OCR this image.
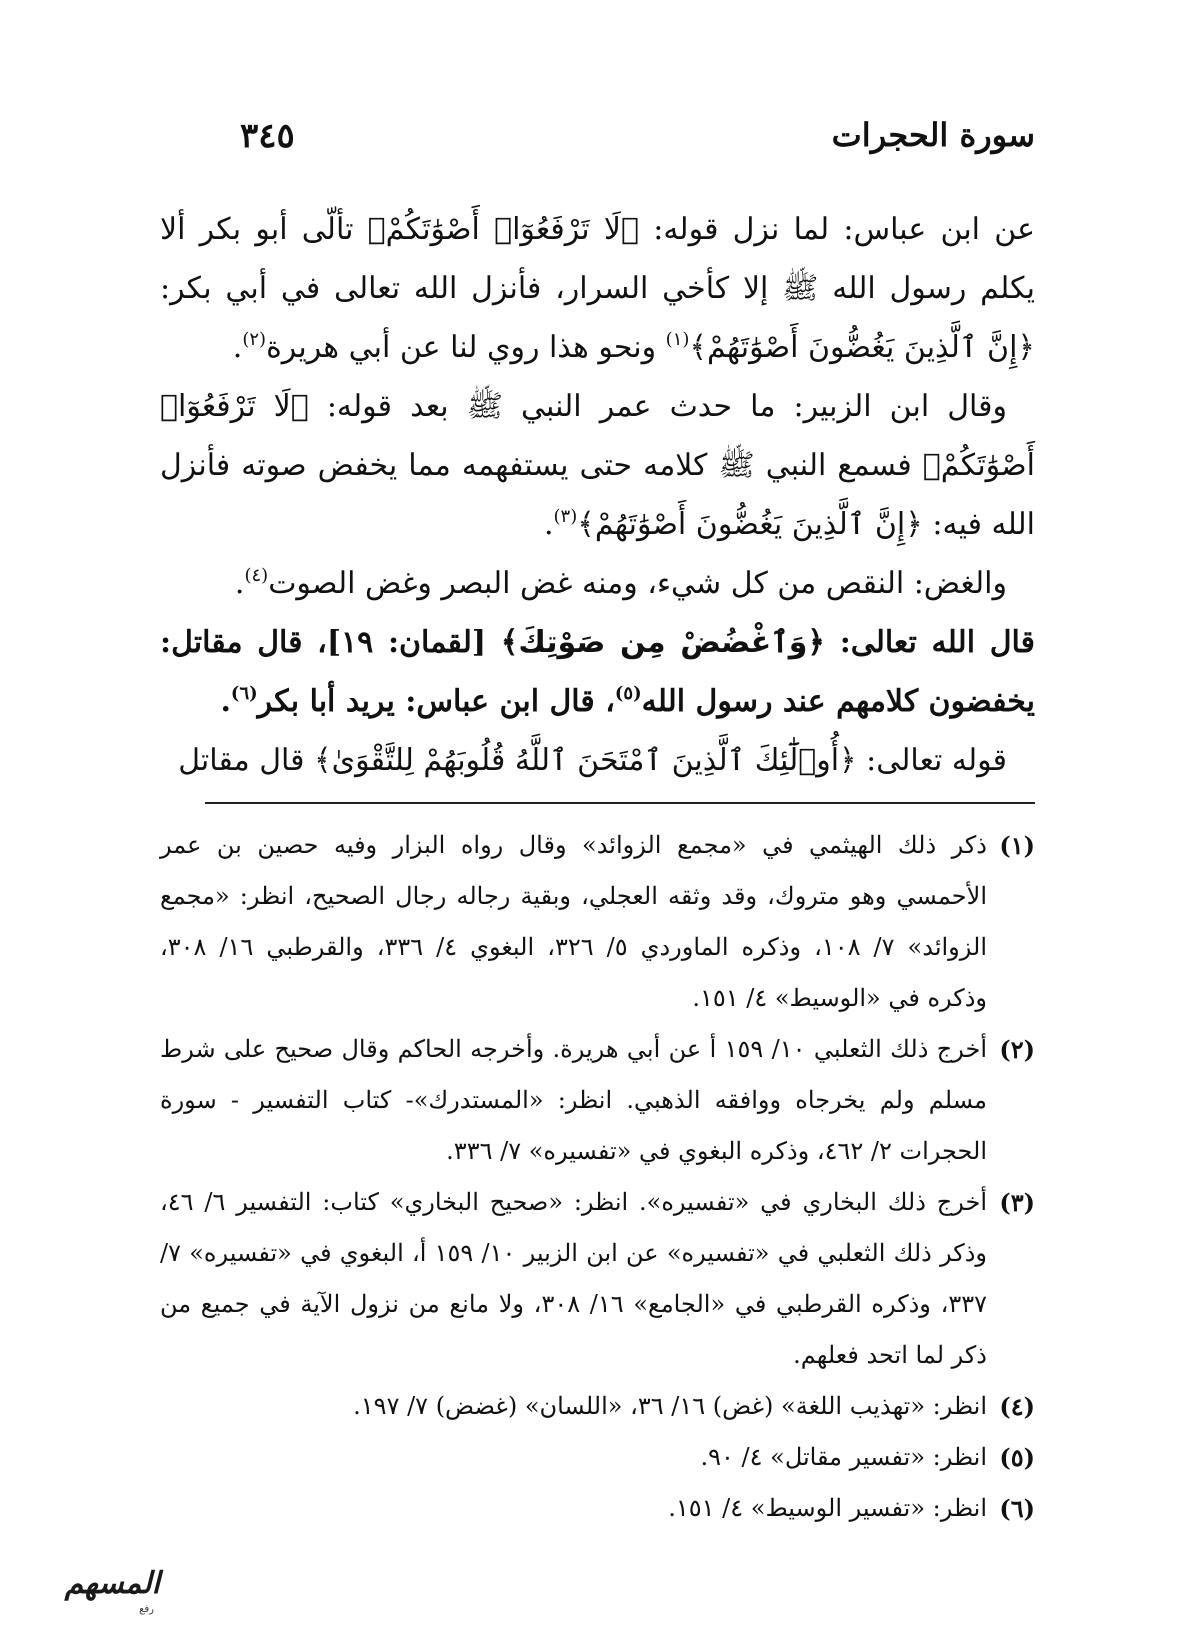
سورة الحجرات
٣٤٥

عن ابن عباس: لما نزل قوله: ﴿لَا تَرْفَعُوٓا۟ أَصْوَٰتَكُمْ﴾ تألّى أبو بكر ألا يكلم رسول الله ﷺ إلا كأخي السرار، فأنزل الله تعالى في أبي بكر: ﴿إِنَّ ٱلَّذِينَ يَغُضُّونَ أَصْوَٰتَهُمْ﴾$^{(١)}$ ونحو هذا روي لنا عن أبي هريرة$^{(٢)}$.

وقال ابن الزبير: ما حدث عمر النبي ﷺ بعد قوله: ﴿لَا تَرْفَعُوٓا۟ أَصْوَٰتَكُمْ﴾ فسمع النبي ﷺ كلامه حتى يستفهمه مما يخفض صوته فأنزل الله فيه: ﴿إِنَّ ٱلَّذِينَ يَغُضُّونَ أَصْوَٰتَهُمْ﴾$^{(٣)}$.

والغض: النقص من كل شيء، ومنه غض البصر وغض الصوت$^{(٤)}$.

قال الله تعالى: ﴿وَٱغْضُضْ مِن صَوْتِكَ﴾ [لقمان: ١٩]، قال مقاتل: يخفضون كلامهم عند رسول الله$^{(٥)}$، قال ابن عباس: يريد أبا بكر$^{(٦)}$.

قوله تعالى: ﴿أُو۟لَٰٓئِكَ ٱلَّذِينَ ٱمْتَحَنَ ٱللَّهُ قُلُوبَهُمْ لِلتَّقْوَىٰ﴾ قال مقاتل

(١)
ذكر ذلك الهيثمي في «مجمع الزوائد» وقال رواه البزار وفيه حصين بن عمر الأحمسي وهو متروك، وقد وثقه العجلي، وبقية رجاله رجال الصحيح، انظر: «مجمع الزوائد» ٧/ ١٠٨، وذكره الماوردي ٥/ ٣٢٦، البغوي ٤/ ٣٣٦، والقرطبي ١٦/ ٣٠٨، وذكره في «الوسيط» ٤/ ١٥١.
(٢)
أخرج ذلك الثعلبي ١٠/ ١٥٩ أ عن أبي هريرة. وأخرجه الحاكم وقال صحيح على شرط مسلم ولم يخرجاه ووافقه الذهبي. انظر: «المستدرك»- كتاب التفسير - سورة الحجرات ٢/ ٤٦٢، وذكره البغوي في «تفسيره» ٧/ ٣٣٦.
(٣)
أخرج ذلك البخاري في «تفسيره». انظر: «صحيح البخاري» كتاب: التفسير ٦/ ٤٦، وذكر ذلك الثعلبي في «تفسيره» عن ابن الزبير ١٠/ ١٥٩ أ، البغوي في «تفسيره» ٧/ ٣٣٧، وذكره القرطبي في «الجامع» ١٦/ ٣٠٨، ولا مانع من نزول الآية في جميع من ذكر لما اتحد فعلهم.
(٤)
انظر: «تهذيب اللغة» (غض) ١٦/ ٣٦، «اللسان» (غضض) ٧/ ١٩٧.
(٥)
انظر: «تفسير مقاتل» ٤/ ٩٠.
(٦)
انظر: «تفسير الوسيط» ٤/ ١٥١.
المسهم
رفع
